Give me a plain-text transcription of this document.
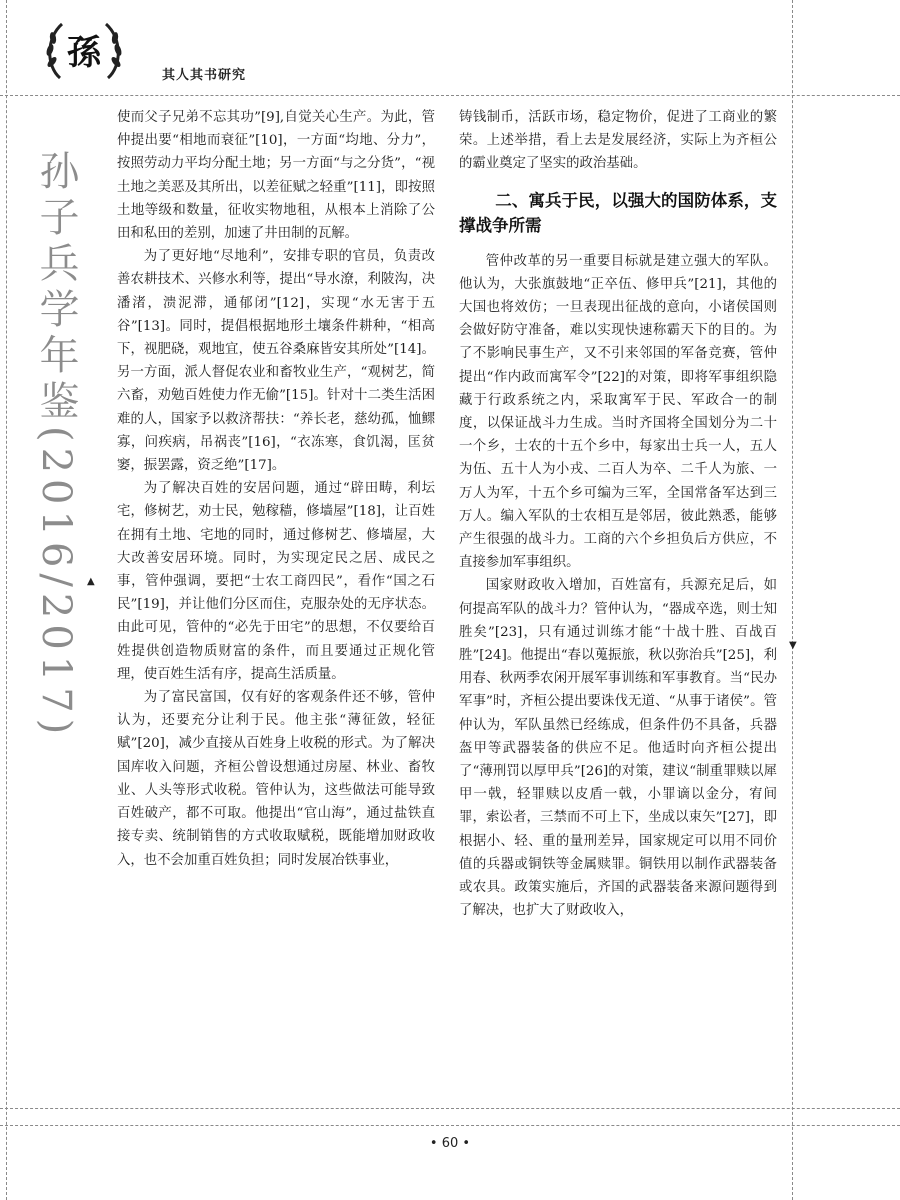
孫
其人其书研究
孙子兵学年鉴(2016/2017) ▲
▼

使而父子兄弟不忘其功”[9],自觉关心生产。为此，管仲提出要“相地而衰征”[10]，一方面“均地、分力”，按照劳动力平均分配土地；另一方面“与之分货”，“视土地之美恶及其所出，以差征赋之轻重”[11]，即按照土地等级和数量，征收实物地租，从根本上消除了公田和私田的差别，加速了井田制的瓦解。

为了更好地“尽地利”，安排专职的官员，负责改善农耕技术、兴修水利等，提出“导水潦，利陂沟，决潘渚，溃泥滞，通郁闭”[12]，实现“水无害于五谷”[13]。同时，提倡根据地形土壤条件耕种，“相高下，视肥硗，观地宜，使五谷桑麻皆安其所处”[14]。另一方面，派人督促农业和畜牧业生产，“观树艺，简六畜，劝勉百姓使力作无偷”[15]。针对十二类生活困难的人，国家予以救济帮扶：“养长老，慈幼孤，恤鳏寡，问疾病，吊祸丧”[16]，“衣冻寒，食饥渴，匡贫窭，振罢露，资乏绝”[17]。

为了解决百姓的安居问题，通过“辟田畴，利坛宅，修树艺，劝士民，勉稼穑，修墙屋”[18]，让百姓在拥有土地、宅地的同时，通过修树艺、修墙屋，大大改善安居环境。同时，为实现定民之居、成民之事，管仲强调，要把“士农工商四民”，看作“国之石民”[19]，并让他们分区而住，克服杂处的无序状态。由此可见，管仲的“必先于田宅”的思想，不仅要给百姓提供创造物质财富的条件，而且要通过正规化管理，使百姓生活有序，提高生活质量。

为了富民富国，仅有好的客观条件还不够，管仲认为，还要充分让利于民。他主张“薄征敛，轻征赋”[20]，减少直接从百姓身上收税的形式。为了解决国库收入问题，齐桓公曾设想通过房屋、林业、畜牧业、人头等形式收税。管仲认为，这些做法可能导致百姓破产，都不可取。他提出“官山海”，通过盐铁直接专卖、统制销售的方式收取赋税，既能增加财政收入，也不会加重百姓负担；同时发展冶铁事业，

铸钱制币，活跃市场，稳定物价，促进了工商业的繁荣。上述举措，看上去是发展经济，实际上为齐桓公的霸业奠定了坚实的政治基础。

二、寓兵于民，以强大的国防体系，支撑战争所需

管仲改革的另一重要目标就是建立强大的军队。他认为，大张旗鼓地“正卒伍、修甲兵”[21]，其他的大国也将效仿；一旦表现出征战的意向，小诸侯国则会做好防守准备，难以实现快速称霸天下的目的。为了不影响民事生产，又不引来邻国的军备竞赛，管仲提出“作内政而寓军令”[22]的对策，即将军事组织隐藏于行政系统之内，采取寓军于民、军政合一的制度，以保证战斗力生成。当时齐国将全国划分为二十一个乡，士农的十五个乡中，每家出士兵一人，五人为伍、五十人为小戎、二百人为卒、二千人为旅、一万人为军，十五个乡可编为三军，全国常备军达到三万人。编入军队的士农相互是邻居，彼此熟悉，能够产生很强的战斗力。工商的六个乡担负后方供应，不直接参加军事组织。

国家财政收入增加，百姓富有，兵源充足后，如何提高军队的战斗力？管仲认为，“器成卒选，则士知胜矣”[23]，只有通过训练才能“十战十胜、百战百胜”[24]。他提出“春以蒐振旅，秋以弥治兵”[25]，利用春、秋两季农闲开展军事训练和军事教育。当“民办军事”时，齐桓公提出要诛伐无道、“从事于诸侯”。管仲认为，军队虽然已经练成，但条件仍不具备，兵器盔甲等武器装备的供应不足。他适时向齐桓公提出了“薄刑罚以厚甲兵”[26]的对策，建议“制重罪赎以犀甲一戟，轻罪赎以皮盾一戟，小罪谪以金分，宥间罪，索讼者，三禁而不可上下，坐成以束矢”[27]，即根据小、轻、重的量刑差异，国家规定可以用不同价值的兵器或铜铁等金属赎罪。铜铁用以制作武器装备或农具。政策实施后，齐国的武器装备来源问题得到了解决，也扩大了财政收入，

• 60 •
